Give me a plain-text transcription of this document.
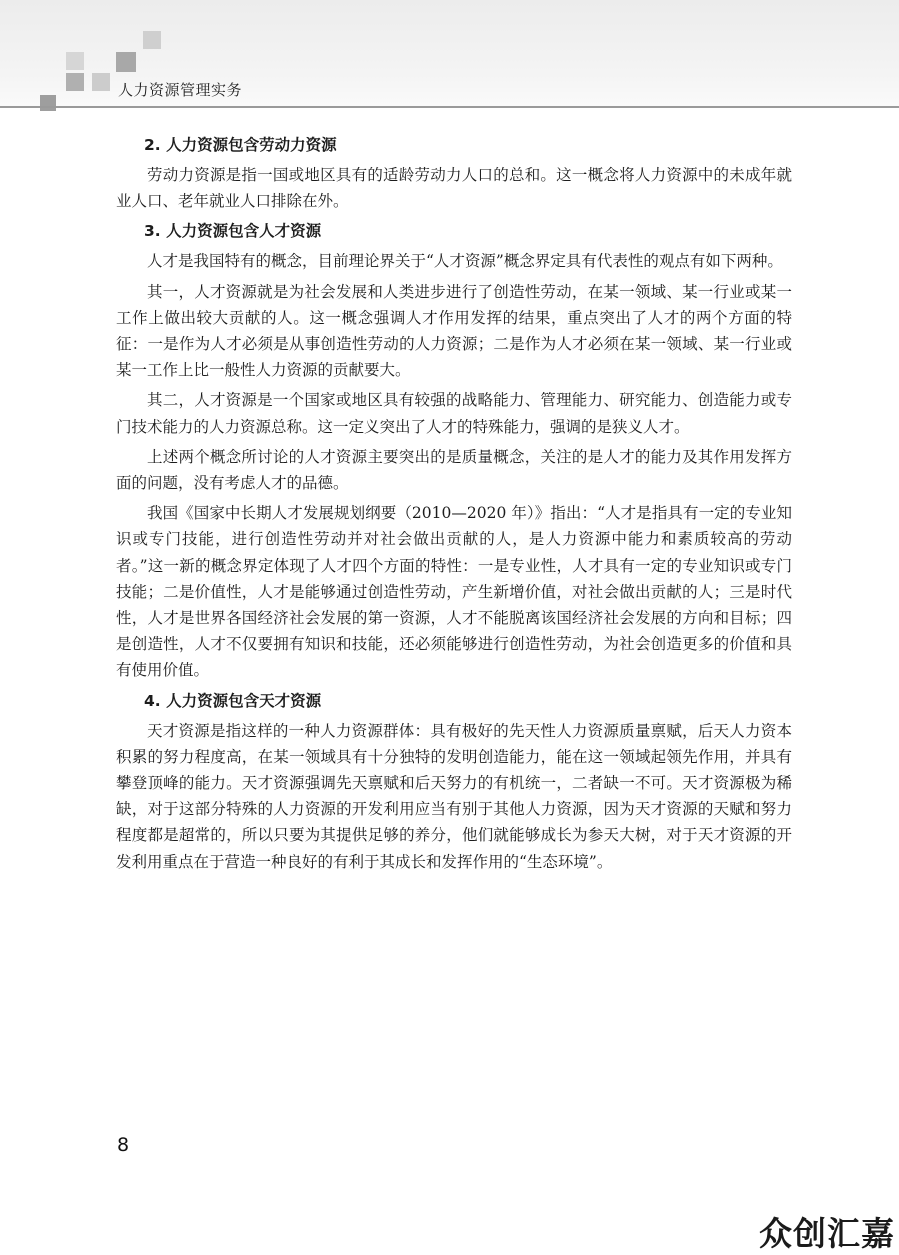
人力资源管理实务
2. 人力资源包含劳动力资源

劳动力资源是指一国或地区具有的适龄劳动力人口的总和。这一概念将人力资源中的未成年就业人口、老年就业人口排除在外。

3. 人力资源包含人才资源

人才是我国特有的概念，目前理论界关于“人才资源”概念界定具有代表性的观点有如下两种。

其一，人才资源就是为社会发展和人类进步进行了创造性劳动，在某一领域、某一行业或某一工作上做出较大贡献的人。这一概念强调人才作用发挥的结果，重点突出了人才的两个方面的特征：一是作为人才必须是从事创造性劳动的人力资源；二是作为人才必须在某一领域、某一行业或某一工作上比一般性人力资源的贡献要大。

其二，人才资源是一个国家或地区具有较强的战略能力、管理能力、研究能力、创造能力或专门技术能力的人力资源总称。这一定义突出了人才的特殊能力，强调的是狭义人才。

上述两个概念所讨论的人才资源主要突出的是质量概念，关注的是人才的能力及其作用发挥方面的问题，没有考虑人才的品德。

我国《国家中长期人才发展规划纲要（2010—2020 年）》指出：“人才是指具有一定的专业知识或专门技能，进行创造性劳动并对社会做出贡献的人，是人力资源中能力和素质较高的劳动者。”这一新的概念界定体现了人才四个方面的特性：一是专业性，人才具有一定的专业知识或专门技能；二是价值性，人才是能够通过创造性劳动，产生新增价值，对社会做出贡献的人；三是时代性，人才是世界各国经济社会发展的第一资源，人才不能脱离该国经济社会发展的方向和目标；四是创造性，人才不仅要拥有知识和技能，还必须能够进行创造性劳动，为社会创造更多的价值和具有使用价值。

4. 人力资源包含天才资源

天才资源是指这样的一种人力资源群体：具有极好的先天性人力资源质量禀赋，后天人力资本积累的努力程度高，在某一领域具有十分独特的发明创造能力，能在这一领域起领先作用，并具有攀登顶峰的能力。天才资源强调先天禀赋和后天努力的有机统一，二者缺一不可。天才资源极为稀缺，对于这部分特殊的人力资源的开发利用应当有别于其他人力资源，因为天才资源的天赋和努力程度都是超常的，所以只要为其提供足够的养分，他们就能够成长为参天大树，对于天才资源的开发利用重点在于营造一种良好的有利于其成长和发挥作用的“生态环境”。

8
众创汇嘉
